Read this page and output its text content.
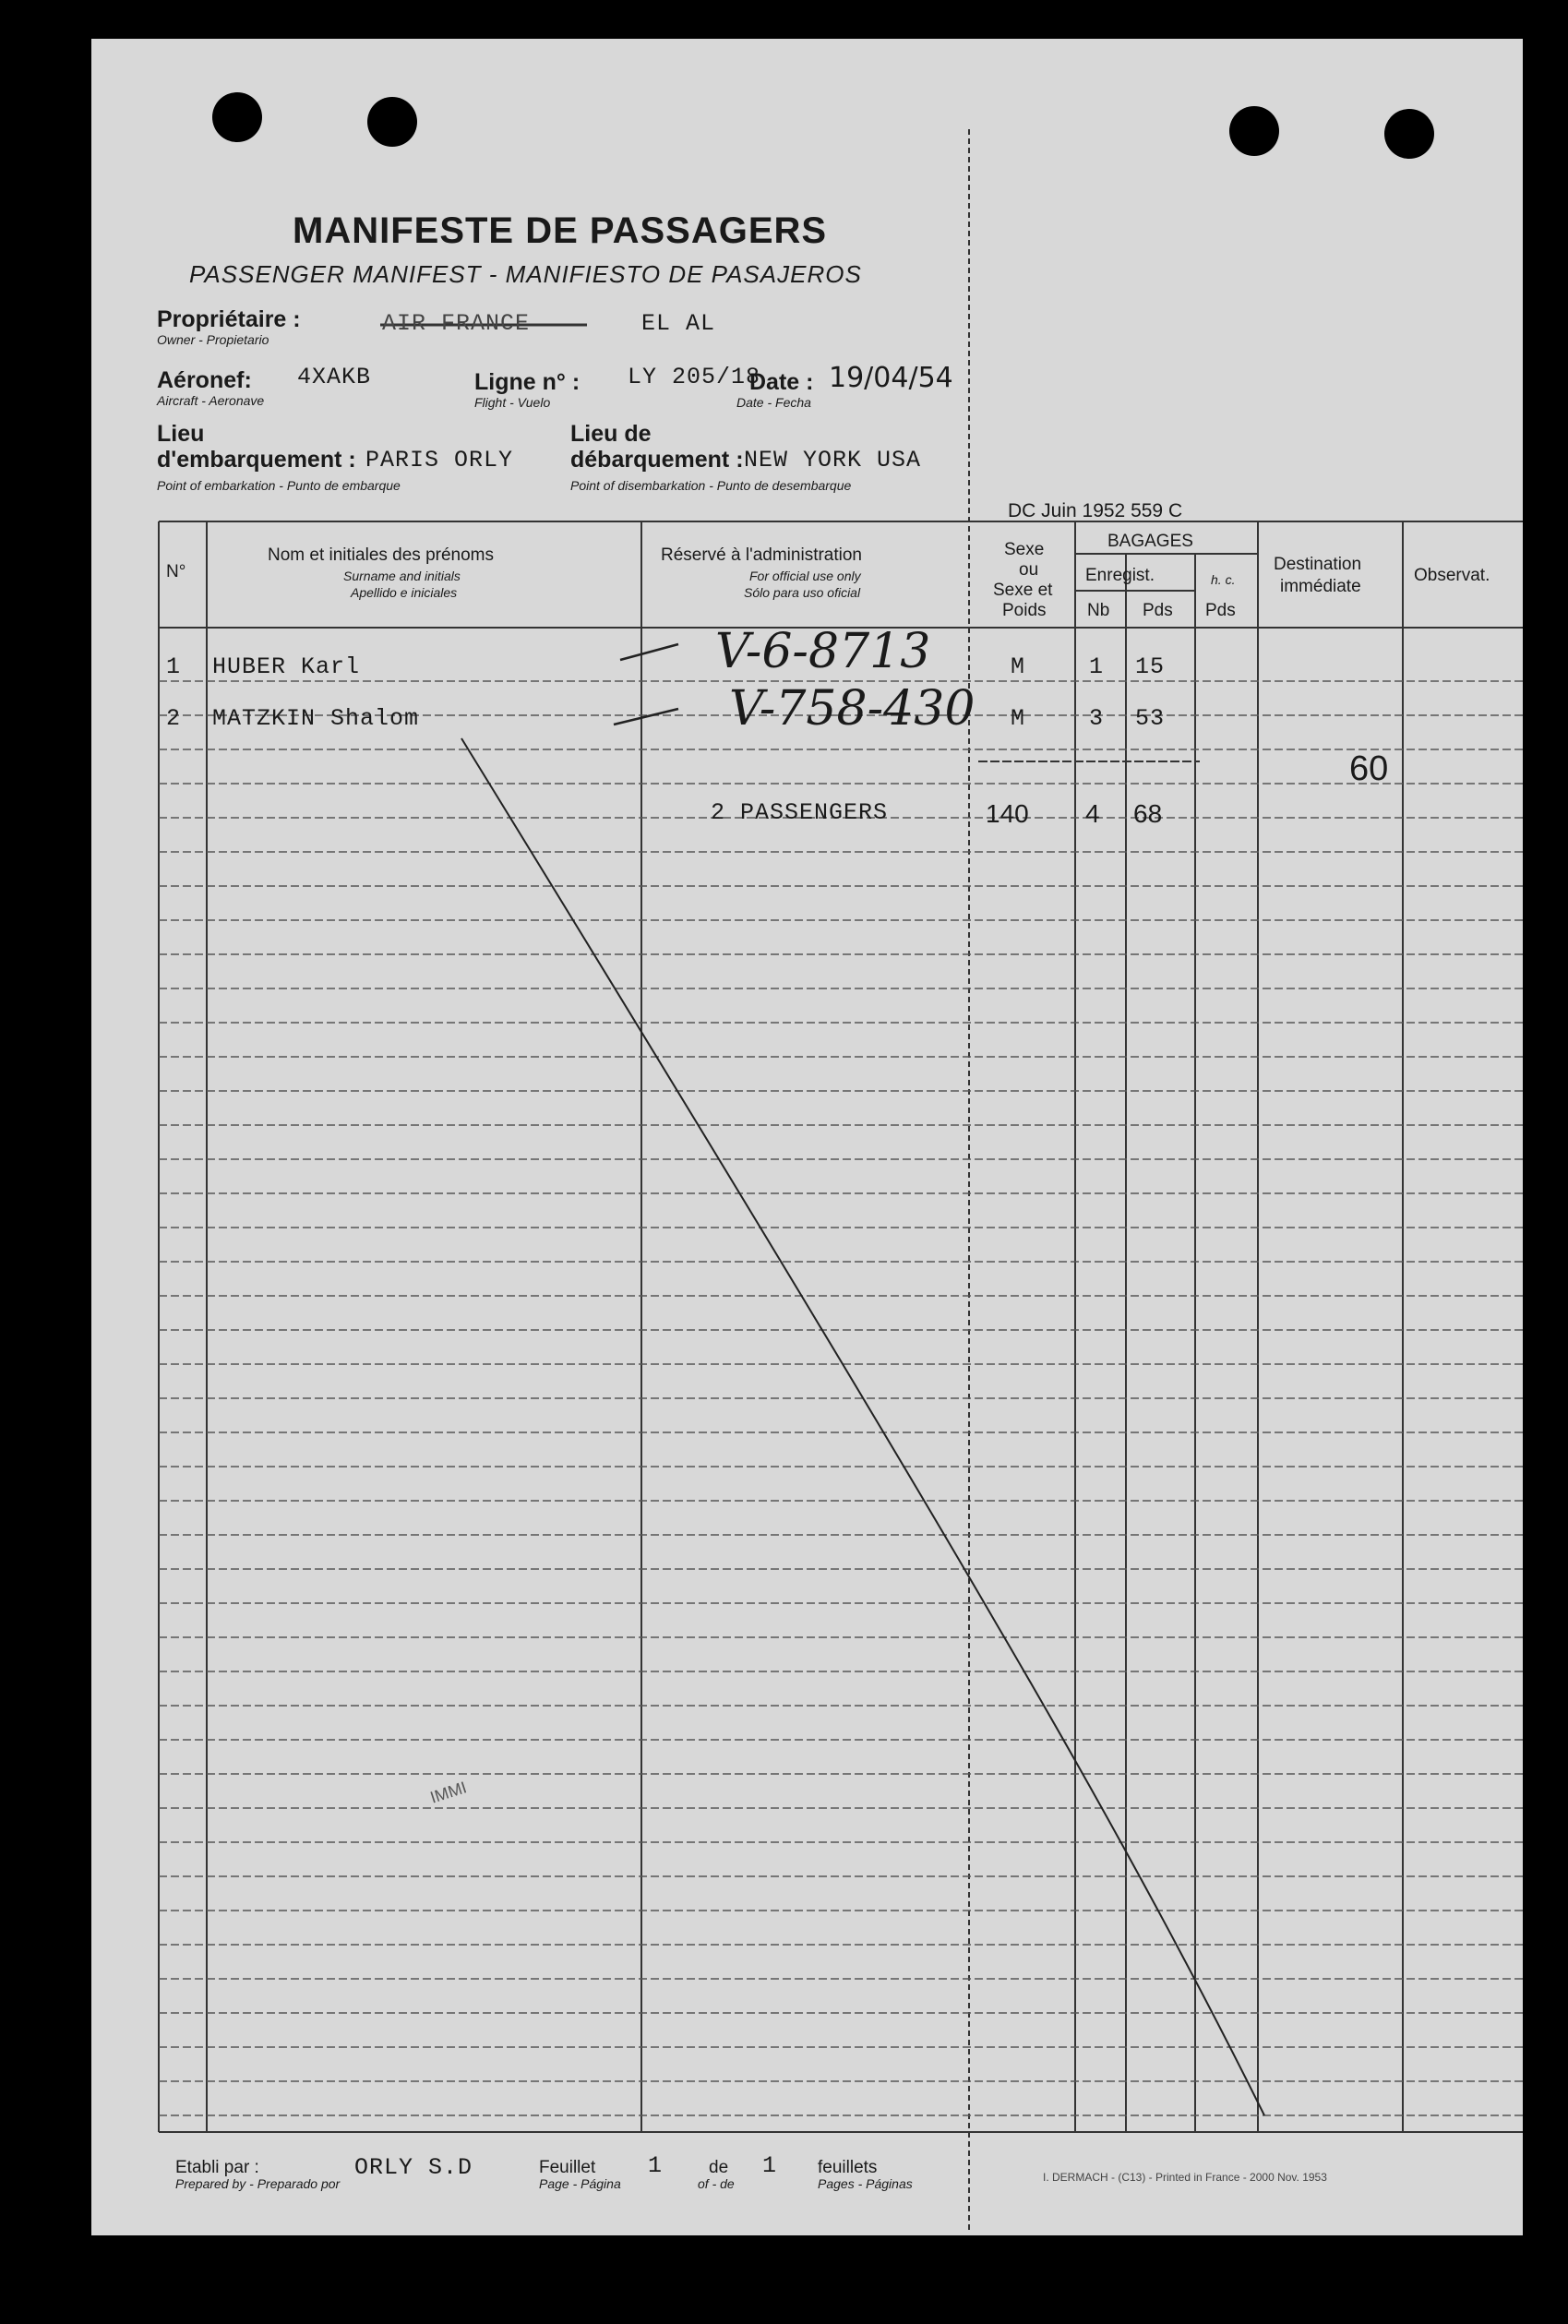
MANIFESTE DE PASSAGERS
PASSENGER MANIFEST - MANIFIESTO DE PASAJEROS
Propriétaire :
Owner - Propietario
AIR FRANCE	EL AL
Aéronef:
Aircraft - Aeronave
4XAKB	Ligne n° :
Flight - Vuelo
LY 205/18
Date :
Date - Fecha
19/04/54
Lieu
d'embarquement :
Point of embarkation - Punto de embarque
PARIS ORLY
Lieu de
débarquement :
Point of disembarkation - Punto de desembarque
NEW YORK USA
DC Juin 1952 559 C
N°
Nom et initiales des prénoms
Surname and initials
Apellido e iniciales
Réservé à l'administration
For official use only
Sólo para uso oficial
Sexe
ou
Sexe et
Poids
BAGAGES
Enregist.
Nb Pds
h. c.
Pds
Destination
immédiate
Observat.
1 HUBER Karl	V-6-8713	M	1 15
2 MATZKIN Shalom	V-758-430 M	3 53
60
2 PASSENGERS	140 4 68
IMMI
Etabli par :
Prepared by - Preparado por
ORLY S.D	Feuillet
Page - Página
1	de
of - de
1 feuillets
Pages - Páginas	I. DERMACH - (C13) - Printed in France - 2000 Nov. 1953
